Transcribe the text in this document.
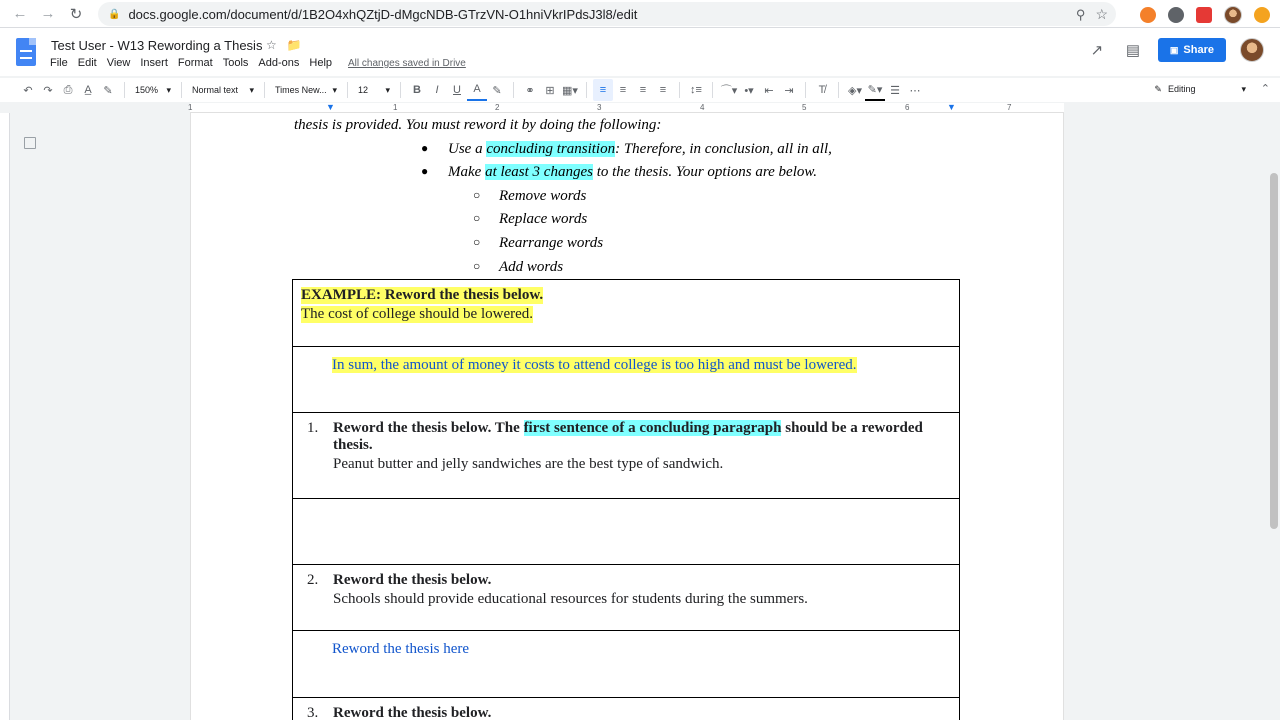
← → ↻	🔒 docs.google.com/document/d/1B2O4xhQZtjD-dMgcNDB-GTrzVN-O1hniVkrIPdsJ3l8/edit	⚲ ☆
Test User - W13 Rewording a Thesis ☆ 📁
File Edit View Insert Format Tools Add-ons Help All changes saved in Drive
↗	▤	▣ Share
↶ ↷ ⎙	A̲	✎	150% ▾ Normal text ▾ Times New... ▾ 12 ▾	B	I	U	A	✎	⚭ ⊞ ▦▾	≡	≡	≡	≡	↕≡	⌒▾ •▾ ⇤ ⇥	T̸	◈▾ ✎▾ ☰ ⋯	✎ Editing	▾ ⌃
▼
1	1	2	3	4	5	6	▼	7
thesis is provided. You must reword it by doing the following:
● Use a concluding transition: Therefore, in conclusion, all in all,
● Make at least 3 changes to the thesis. Your options are below.
○ Remove words
○ Replace words
○ Rearrange words
○ Add words
EXAMPLE: Reword the thesis below.
The cost of college should be lowered.
In sum, the amount of money it costs to attend college is too high and must be lowered.

1. Reword the thesis below. The first sentence of a concluding paragraph should be a reworded thesis.
Peanut butter and jelly sandwiches are the best type of sandwich.

2. Reword the thesis below.
Schools should provide educational resources for students during the summers.

Reword the thesis here

3. Reword the thesis below.
